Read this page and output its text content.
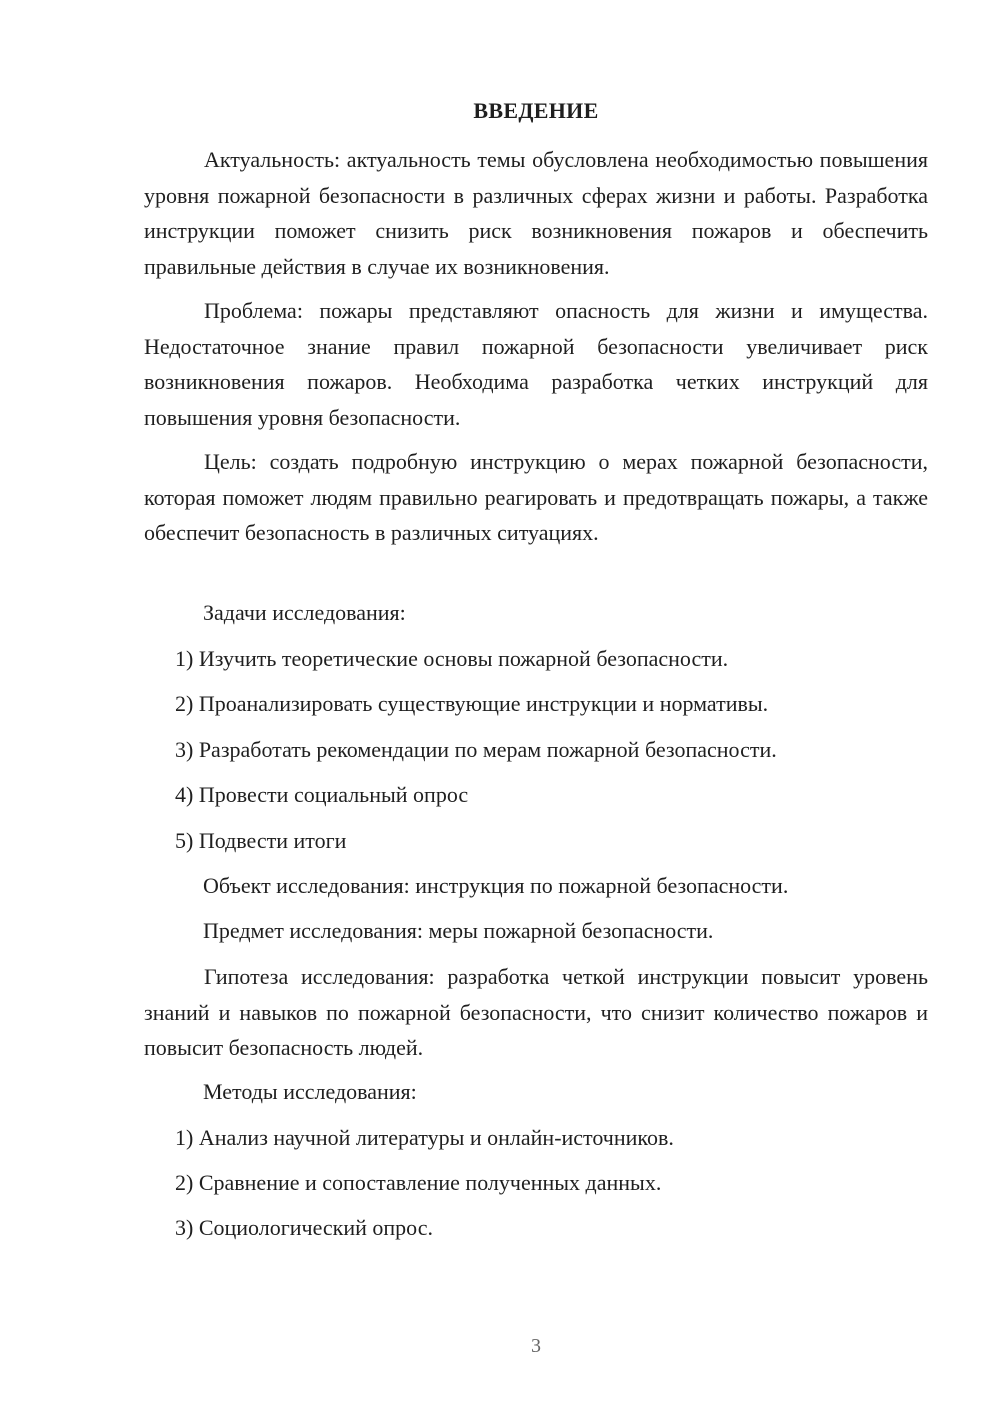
ВВЕДЕНИЕ

Актуальность: актуальность темы обусловлена необходимостью повышения уровня пожарной безопасности в различных сферах жизни и работы. Разработка инструкции поможет снизить риск возникновения пожаров и обеспечить правильные действия в случае их возникновения.

Проблема: пожары представляют опасность для жизни и имущества. Недостаточное знание правил пожарной безопасности увеличивает риск возникновения пожаров. Необходима разработка четких инструкций для повышения уровня безопасности.

Цель: создать подробную инструкцию о мерах пожарной безопасности, которая поможет людям правильно реагировать и предотвращать пожары, а также обеспечит безопасность в различных ситуациях.

Задачи исследования:
1) Изучить теоретические основы пожарной безопасности.
2) Проанализировать существующие инструкции и нормативы.
3) Разработать рекомендации по мерам пожарной безопасности.
4) Провести социальный опрос
5) Подвести итоги
Объект исследования: инструкция по пожарной безопасности.
Предмет исследования: меры пожарной безопасности.

Гипотеза исследования: разработка четкой инструкции повысит уровень знаний и навыков по пожарной безопасности, что снизит количество пожаров и повысит безопасность людей.

Методы исследования:
1) Анализ научной литературы и онлайн-источников.
2) Сравнение и сопоставление полученных данных.
3) Социологический опрос.
3
